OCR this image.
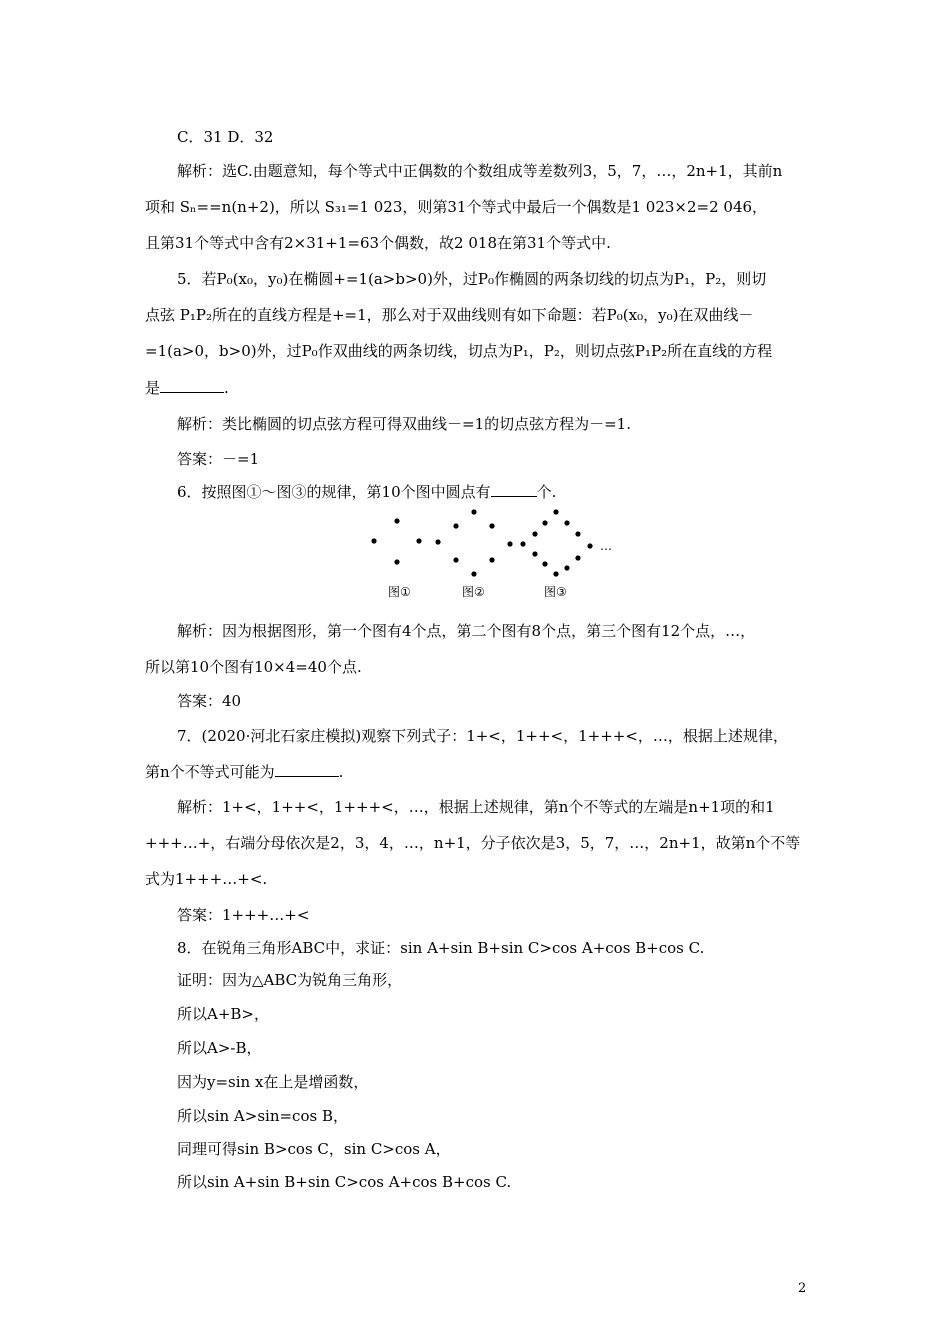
C．31 D．32
解析：选C.由题意知，每个等式中正偶数的个数组成等差数列3，5，7，…，2n+1，其前n
项和 Sₙ==n(n+2)，所以 S₃₁=1 023，则第31个等式中最后一个偶数是1 023×2=2 046，
且第31个等式中含有2×31+1=63个偶数，故2 018在第31个等式中.
5．若P₀(x₀，y₀)在椭圆+=1(a>b>0)外，过P₀作椭圆的两条切线的切点为P₁，P₂，则切
点弦 P₁P₂所在的直线方程是+=1，那么对于双曲线则有如下命题：若P₀(x₀，y₀)在双曲线－
=1(a>0，b>0)外，过P₀作双曲线的两条切线，切点为P₁，P₂，则切点弦P₁P₂所在直线的方程
是	.
解析：类比椭圆的切点弦方程可得双曲线－=1的切点弦方程为－=1.
答案：－=1
6．按照图①～图③的规律，第10个图中圆点有	个.
…
图①	图②	图③
解析：因为根据图形，第一个图有4个点，第二个图有8个点，第三个图有12个点，…，
所以第10个图有10×4=40个点.
答案：40
7．(2020·河北石家庄模拟)观察下列式子：1+<，1++<，1+++<，…，根据上述规律，
第n个不等式可能为	.
解析：1+<，1++<，1+++<，…，根据上述规律，第n个不等式的左端是n+1项的和1
+++…+，右端分母依次是2，3，4，…，n+1，分子依次是3，5，7，…，2n+1，故第n个不等
式为1+++…+<.
答案：1+++…+<
8．在锐角三角形ABC中，求证：sin A+sin B+sin C>cos A+cos B+cos C.
证明：因为△ABC为锐角三角形，
所以A+B>，
所以A>-B，
因为y=sin x在上是增函数，
所以sin A>sin=cos B，
同理可得sin B>cos C，sin C>cos A，
所以sin A+sin B+sin C>cos A+cos B+cos C.
2
